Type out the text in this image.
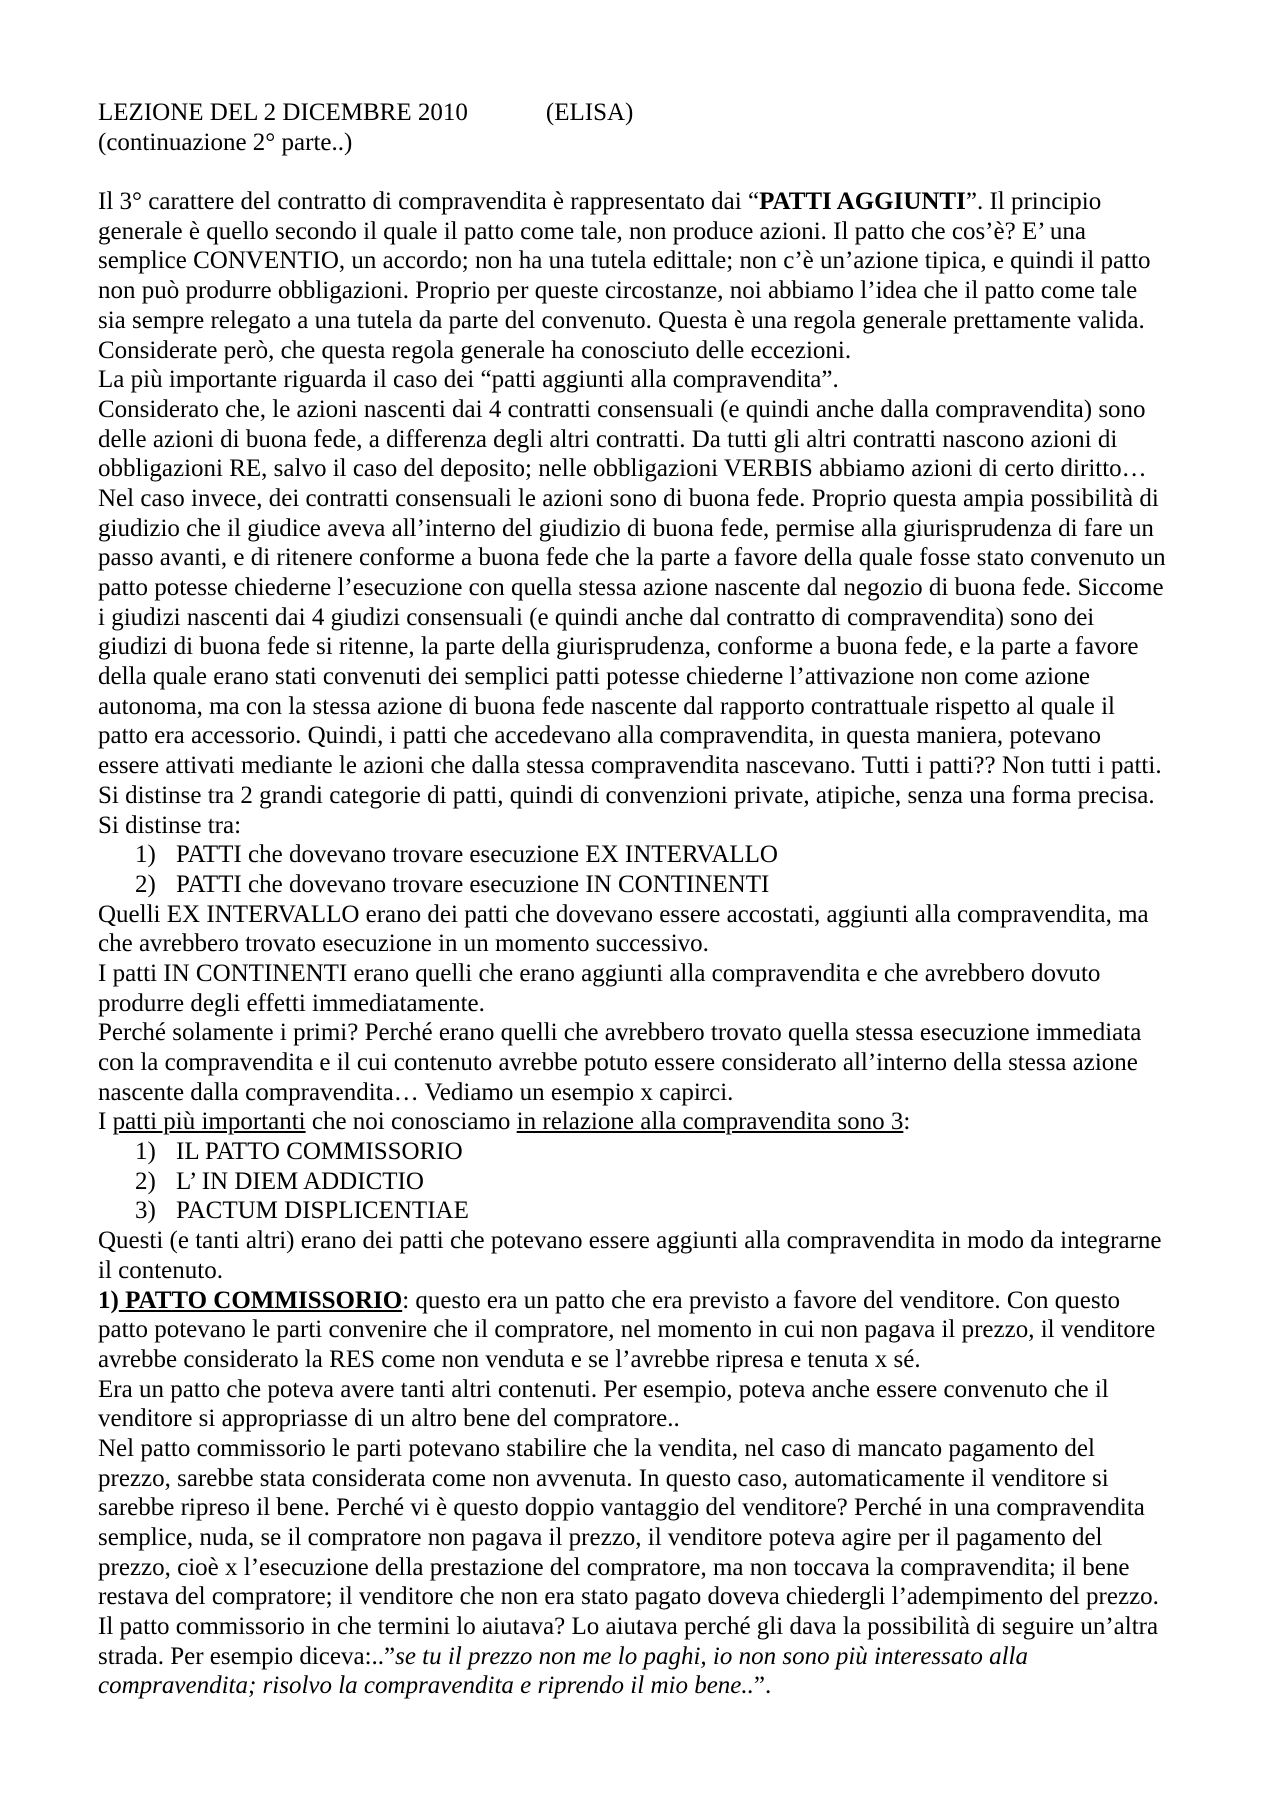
LEZIONE DEL 2 DICEMBRE 2010	(ELISA)
(continuazione 2° parte..)
Il 3° carattere del contratto di compravendita è rappresentato dai “PATTI AGGIUNTI”. Il principio
generale è quello secondo il quale il patto come tale, non produce azioni. Il patto che cos’è? E’ una
semplice CONVENTIO, un accordo; non ha una tutela edittale; non c’è un’azione tipica, e quindi il patto
non può produrre obbligazioni. Proprio per queste circostanze, noi abbiamo l’idea che il patto come tale
sia sempre relegato a una tutela da parte del convenuto. Questa è una regola generale prettamente valida.
Considerate però, che questa regola generale ha conosciuto delle eccezioni.
La più importante riguarda il caso dei “patti aggiunti alla compravendita”.
Considerato che, le azioni nascenti dai 4 contratti consensuali (e quindi anche dalla compravendita) sono
delle azioni di buona fede, a differenza degli altri contratti. Da tutti gli altri contratti nascono azioni di
obbligazioni RE, salvo il caso del deposito; nelle obbligazioni VERBIS abbiamo azioni di certo diritto…
Nel caso invece, dei contratti consensuali le azioni sono di buona fede. Proprio questa ampia possibilità di
giudizio che il giudice aveva all’interno del giudizio di buona fede, permise alla giurisprudenza di fare un
passo avanti, e di ritenere conforme a buona fede che la parte a favore della quale fosse stato convenuto un
patto potesse chiederne l’esecuzione con quella stessa azione nascente dal negozio di buona fede. Siccome
i giudizi nascenti dai 4 giudizi consensuali (e quindi anche dal contratto di compravendita) sono dei
giudizi di buona fede si ritenne, la parte della giurisprudenza, conforme a buona fede, e la parte a favore
della quale erano stati convenuti dei semplici patti potesse chiederne l’attivazione non come azione
autonoma, ma con la stessa azione di buona fede nascente dal rapporto contrattuale rispetto al quale il
patto era accessorio. Quindi, i patti che accedevano alla compravendita, in questa maniera, potevano
essere attivati mediante le azioni che dalla stessa compravendita nascevano. Tutti i patti?? Non tutti i patti.
Si distinse tra 2 grandi categorie di patti, quindi di convenzioni private, atipiche, senza una forma precisa.
Si distinse tra:
1) PATTI che dovevano trovare esecuzione EX INTERVALLO
2) PATTI che dovevano trovare esecuzione IN CONTINENTI
Quelli EX INTERVALLO erano dei patti che dovevano essere accostati, aggiunti alla compravendita, ma
che avrebbero trovato esecuzione in un momento successivo.
I patti IN CONTINENTI erano quelli che erano aggiunti alla compravendita e che avrebbero dovuto
produrre degli effetti immediatamente.
Perché solamente i primi? Perché erano quelli che avrebbero trovato quella stessa esecuzione immediata
con la compravendita e il cui contenuto avrebbe potuto essere considerato all’interno della stessa azione
nascente dalla compravendita… Vediamo un esempio x capirci.
I patti più importanti che noi conosciamo in relazione alla compravendita sono 3:
1) IL PATTO COMMISSORIO
2) L’ IN DIEM ADDICTIO
3) PACTUM DISPLICENTIAE
Questi (e tanti altri) erano dei patti che potevano essere aggiunti alla compravendita in modo da integrarne
il contenuto.
1) PATTO COMMISSORIO: questo era un patto che era previsto a favore del venditore. Con questo
patto potevano le parti convenire che il compratore, nel momento in cui non pagava il prezzo, il venditore
avrebbe considerato la RES come non venduta e se l’avrebbe ripresa e tenuta x sé.
Era un patto che poteva avere tanti altri contenuti. Per esempio, poteva anche essere convenuto che il
venditore si appropriasse di un altro bene del compratore..
Nel patto commissorio le parti potevano stabilire che la vendita, nel caso di mancato pagamento del
prezzo, sarebbe stata considerata come non avvenuta. In questo caso, automaticamente il venditore si
sarebbe ripreso il bene. Perché vi è questo doppio vantaggio del venditore? Perché in una compravendita
semplice, nuda, se il compratore non pagava il prezzo, il venditore poteva agire per il pagamento del
prezzo, cioè x l’esecuzione della prestazione del compratore, ma non toccava la compravendita; il bene
restava del compratore; il venditore che non era stato pagato doveva chiedergli l’adempimento del prezzo.
Il patto commissorio in che termini lo aiutava? Lo aiutava perché gli dava la possibilità di seguire un’altra
strada. Per esempio diceva:..”se tu il prezzo non me lo paghi, io non sono più interessato alla
compravendita; risolvo la compravendita e riprendo il mio bene..”.
